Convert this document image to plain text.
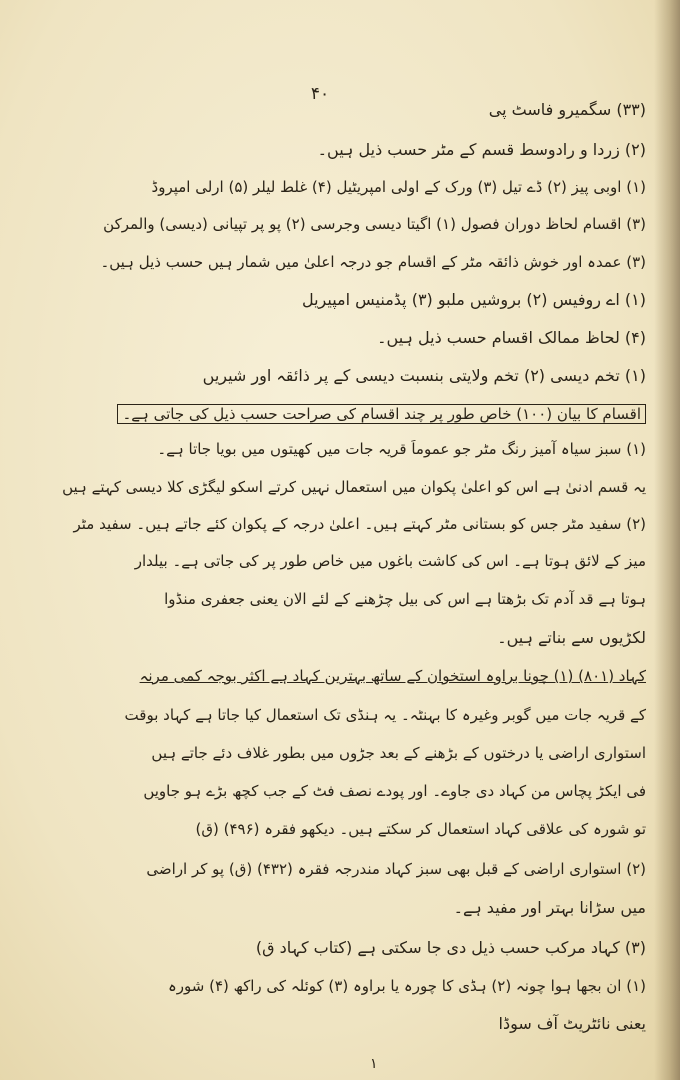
۴۰
(۳۳) سگمیرو فاسٹ پی
(۲) زردا و رادوسط قسم کے مٹر حسب ذیل ہیں۔
(۱) اوبی پیز (۲) ڈے تیل (۳) ورک کے اولی امپریٹیل (۴) غلط لیلر (۵) ارلی امپروڈ
(۳) اقسام لحاظ دوران فصول (۱) اگیتا دیسی وجرسی (۲) پو پر تپیانی (دیسی) والمرکن
(۳) عمدہ اور خوش ذائقہ مٹر کے اقسام جو درجہ اعلیٰ میں شمار ہیں حسب ذیل ہیں۔
(۱) اے روفیس (۲) بروشیں ملبو (۳) پڈمنیس امپیریل
(۴) لحاظ ممالک اقسام حسب ذیل ہیں۔
(۱) تخم دیسی (۲) تخم ولایتی بنسبت دیسی کے پر ذائقہ اور شیریں
اقسام کا بیان (۱۰۰) خاص طور پر چند اقسام کی صراحت حسب ذیل کی جاتی ہے۔
(۱) سبز سیاہ آمیز رنگ مٹر جو عموماً قریہ جات میں کھیتوں میں بویا جاتا ہے۔
یہ قسم ادنیٰ ہے اس کو اعلیٰ پکوان میں استعمال نہیں کرتے اسکو لیگڑی کلا دیسی کہتے ہیں
(۲) سفید مٹر جس کو بستانی مٹر کہتے ہیں۔ اعلیٰ درجہ کے پکوان کئے جاتے ہیں۔ سفید مٹر
میز کے لائق ہوتا ہے۔ اس کی کاشت باغوں میں خاص طور پر کی جاتی ہے۔ بیلدار
ہوتا ہے قد آدم تک بڑھتا ہے اس کی بیل چڑھنے کے لئے الان یعنی جعفری منڈوا
لکڑیوں سے بناتے ہیں۔
کہاد (۸۰۱) (۱) چونا براوہ استخوان کے ساتھ بہترین کہاد ہے اکثر بوجہ کمی مرنہ
کے قریہ جات میں گوبر وغیرہ کا بہنٹہ۔ یہ ہنڈی تک استعمال کیا جاتا ہے کہاد بوقت
استواری اراضی یا درختوں کے بڑھنے کے بعد جڑوں میں بطور غلاف دئے جاتے ہیں
فی ایکڑ پچاس من کہاد دی جاوے۔ اور پودے نصف فٹ کے جب کچھ بڑے ہو جاویں
تو شورہ کی علاقی کہاد استعمال کر سکتے ہیں۔ دیکھو فقرہ (۴۹۶) (ق)
(۲) استواری اراضی کے قبل بھی سبز کہاد مندرجہ فقرہ (۴۳۲) (ق) پو کر اراضی
میں سڑانا بہتر اور مفید ہے۔
(۳) کہاد مرکب حسب ذیل دی جا سکتی ہے (کتاب کہاد ق)
(۱) ان بجھا ہوا چونہ (۲) ہڈی کا چورہ یا براوہ (۳) کوئلہ کی راکھ (۴) شورہ
یعنی نائٹریٹ آف سوڈا
۱
